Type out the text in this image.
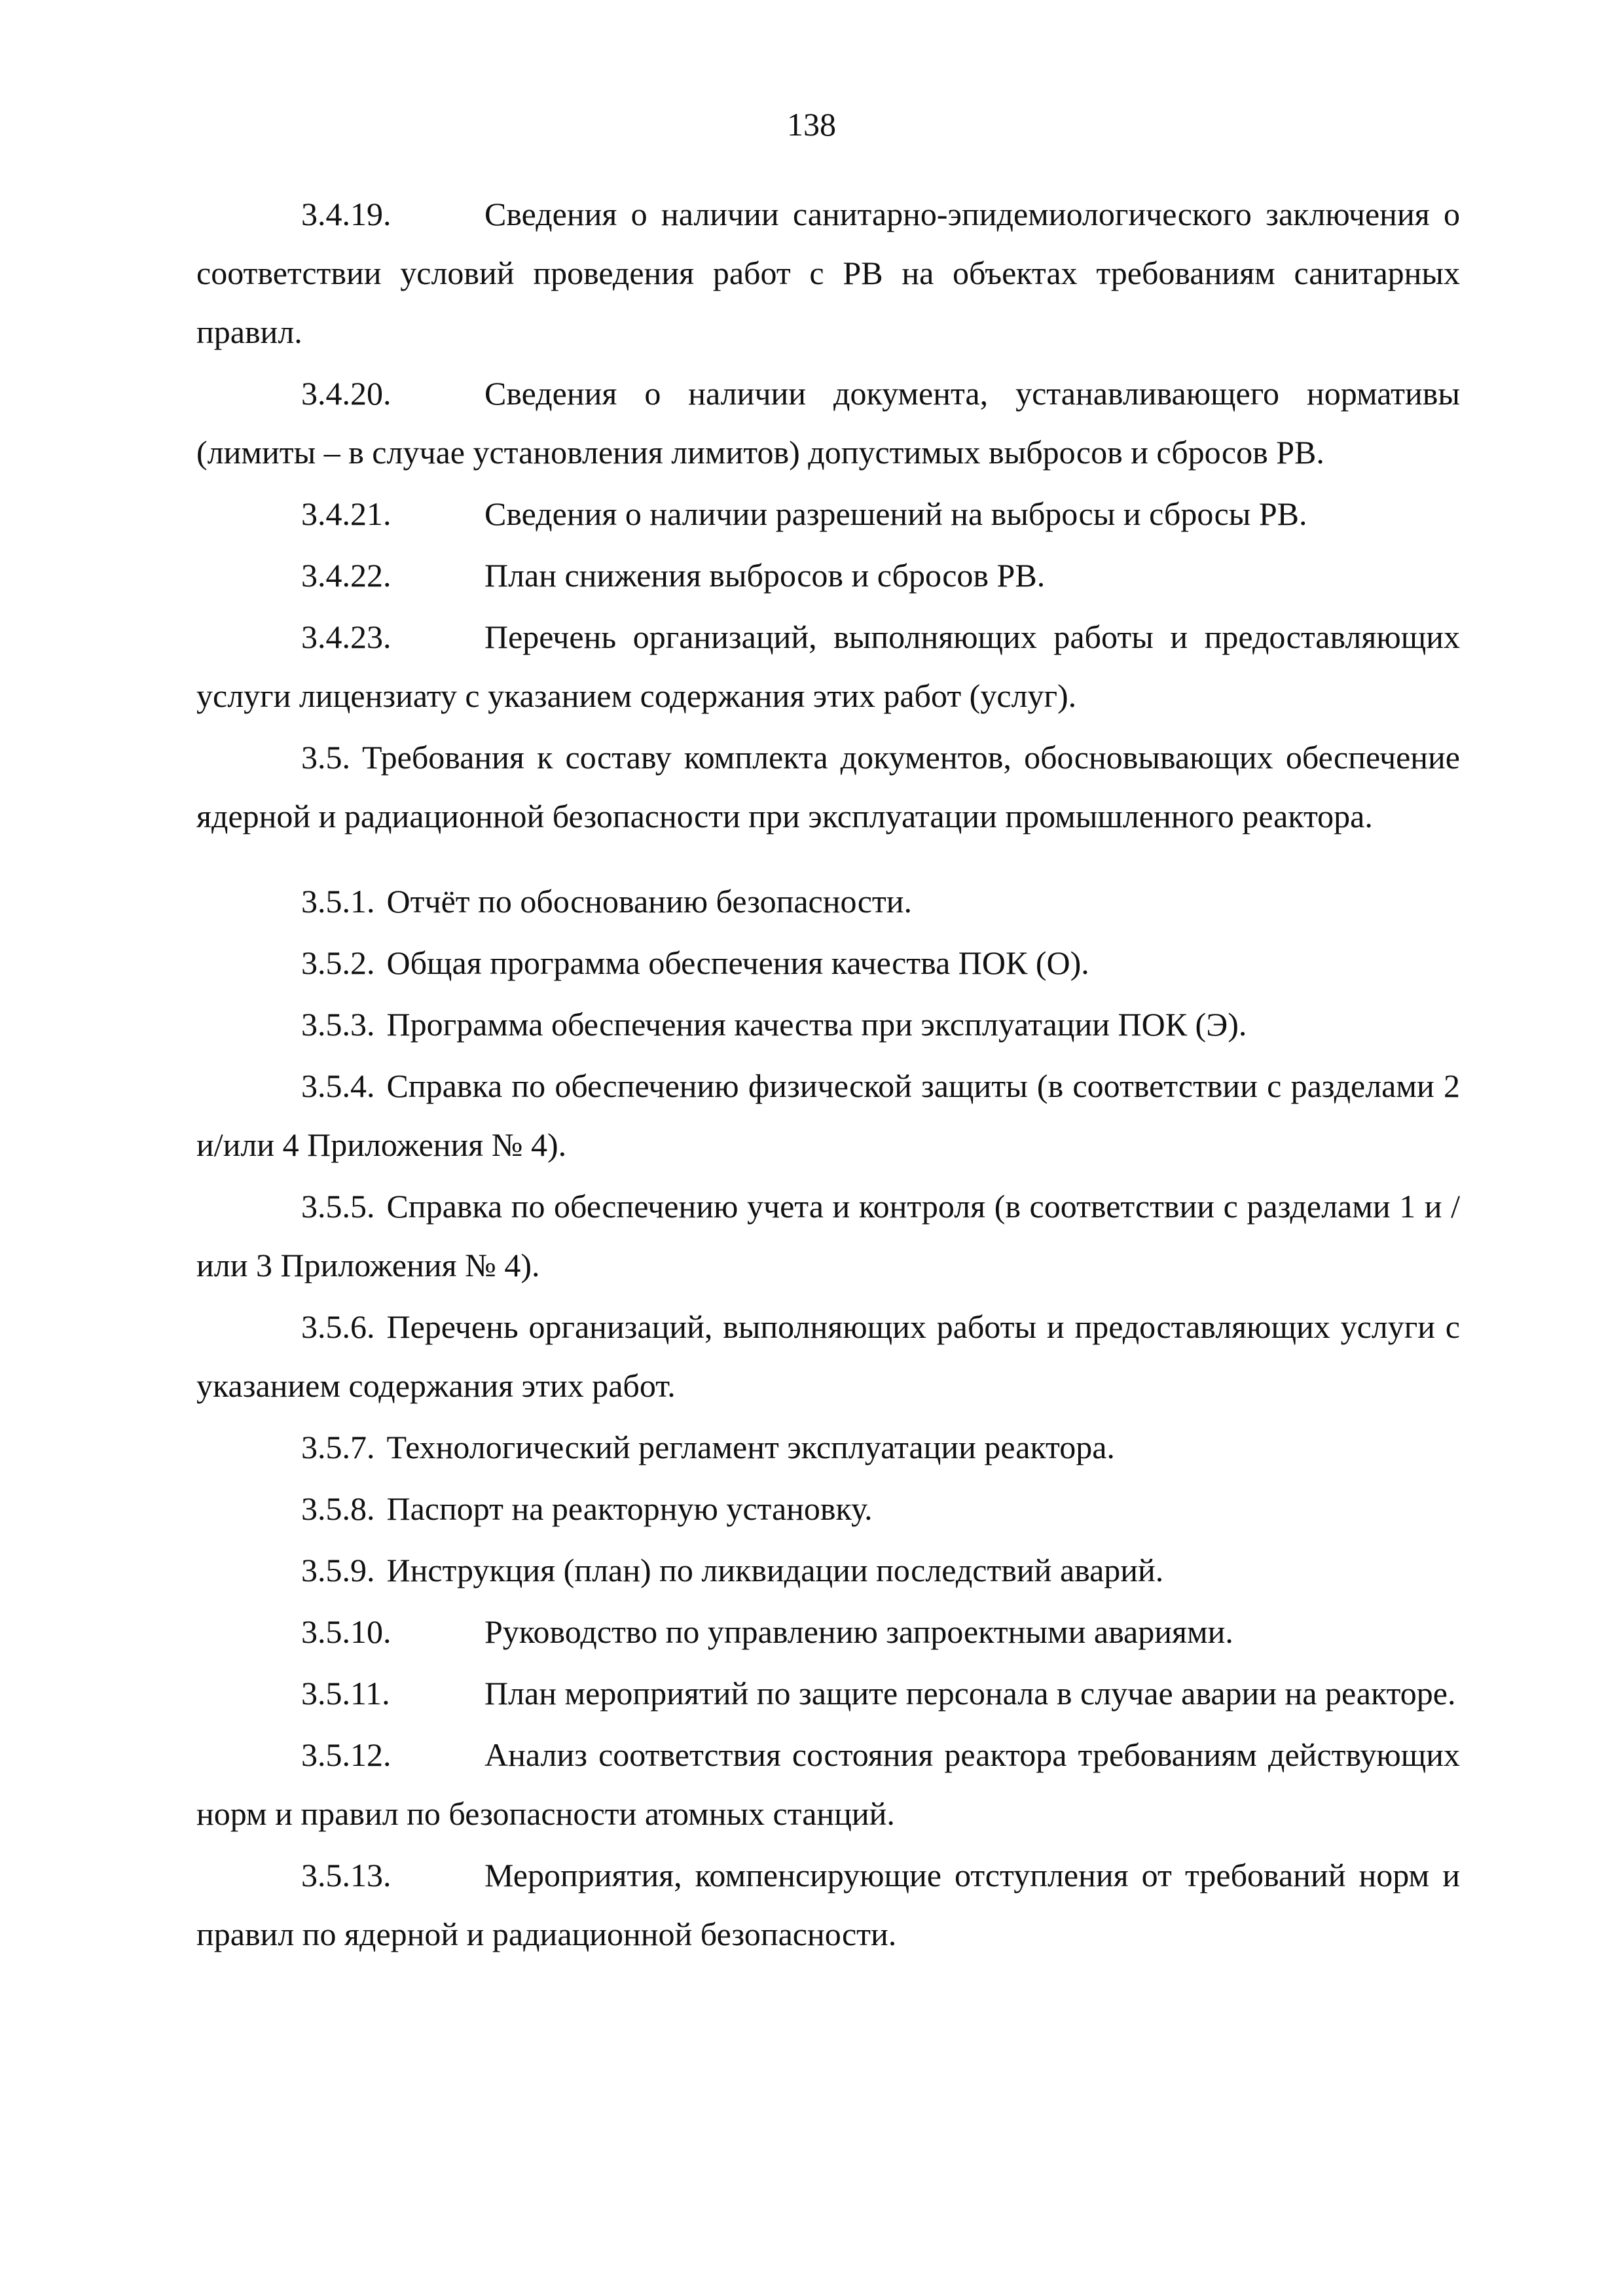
138

3.4.19.	Сведения о наличии санитарно-эпидемиологического заключения о соответствии условий проведения работ с РВ на объектах требованиям санитарных правил.

3.4.20.	Сведения о наличии документа, устанавливающего нормативы (лимиты – в случае установления лимитов) допустимых выбросов и сбросов РВ.

3.4.21.	Сведения о наличии разрешений на выбросы и сбросы РВ.

3.4.22.	План снижения выбросов и сбросов РВ.

3.4.23.	Перечень организаций, выполняющих работы и предоставляющих услуги лицензиату с указанием содержания этих работ (услуг).

3.5. Требования к составу комплекта документов, обосновывающих обеспечение ядерной и радиационной безопасности при эксплуатации промышленного реактора.

3.5.1. Отчёт по обоснованию безопасности.

3.5.2. Общая программа обеспечения качества ПОК (О).

3.5.3. Программа обеспечения качества при эксплуатации ПОК (Э).

3.5.4. Справка по обеспечению физической защиты (в соответствии с разделами 2 и/или 4 Приложения № 4).

3.5.5. Справка по обеспечению учета и контроля (в соответствии с разделами 1 и /или 3 Приложения № 4).

3.5.6. Перечень организаций, выполняющих работы и предоставляющих услуги с указанием содержания этих работ.

3.5.7. Технологический регламент эксплуатации реактора.

3.5.8. Паспорт на реакторную установку.

3.5.9. Инструкция (план) по ликвидации последствий аварий.

3.5.10.	Руководство по управлению запроектными авариями.

3.5.11.	План мероприятий по защите персонала в случае аварии на реакторе.

3.5.12.	Анализ соответствия состояния реактора требованиям действующих норм и правил по безопасности атомных станций.

3.5.13.	Мероприятия, компенсирующие отступления от требований норм и правил по ядерной и радиационной безопасности.
